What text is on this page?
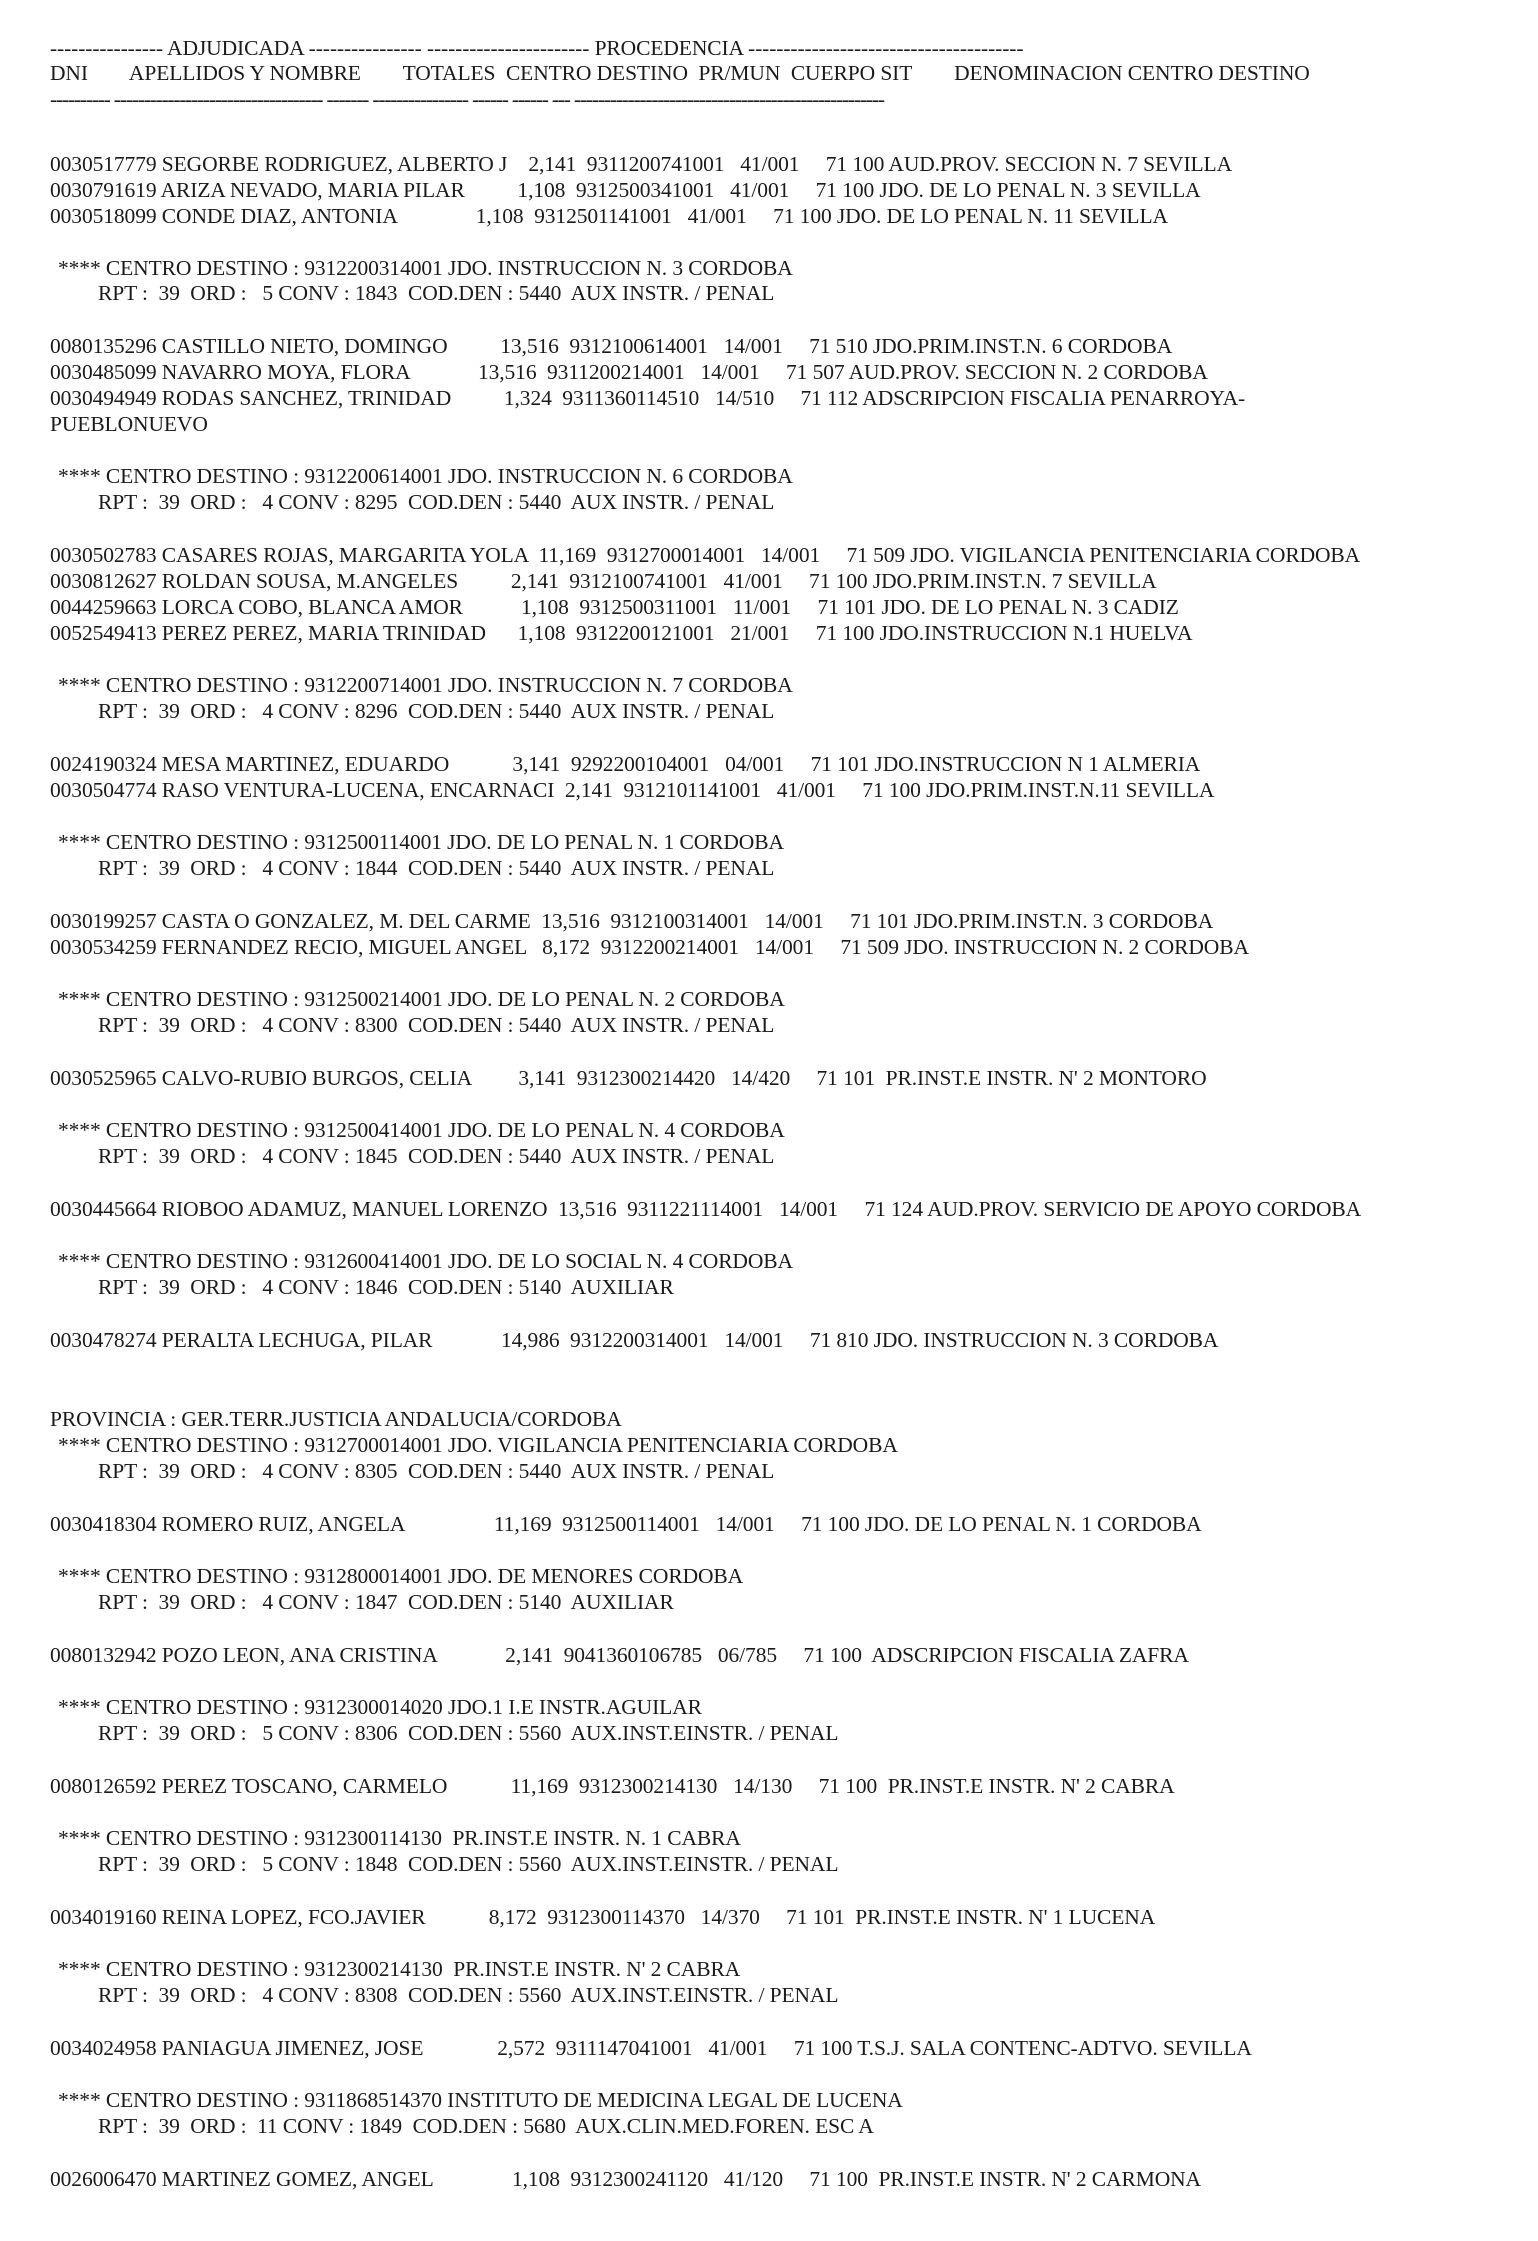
---------------- ADJUDICADA ---------------- ----------------------- PROCEDENCIA ---------------------------------------
DNI        APELLIDOS Y NOMBRE        TOTALES  CENTRO DESTINO  PR/MUN  CUERPO SIT        DENOMINACION CENTRO DESTINO
---------- ----------------------------------- ------- ---------------- ------ ------ --- ----------------------------------------------------
0030517779 SEGORBE RODRIGUEZ, ALBERTO J    2,141  9311200741001   41/001     71 100 AUD.PROV. SECCION N. 7 SEVILLA
0030791619 ARIZA NEVADO, MARIA PILAR          1,108  9312500341001   41/001     71 100 JDO. DE LO PENAL N. 3 SEVILLA
0030518099 CONDE DIAZ, ANTONIA               1,108  9312501141001   41/001     71 100 JDO. DE LO PENAL N. 11 SEVILLA
**** CENTRO DESTINO : 9312200314001 JDO. INSTRUCCION N. 3 CORDOBA
RPT :  39  ORD :   5 CONV : 1843  COD.DEN : 5440  AUX INSTR. / PENAL
0080135296 CASTILLO NIETO, DOMINGO          13,516  9312100614001   14/001     71 510 JDO.PRIM.INST.N. 6 CORDOBA
0030485099 NAVARRO MOYA, FLORA             13,516  9311200214001   14/001     71 507 AUD.PROV. SECCION N. 2 CORDOBA
0030494949 RODAS SANCHEZ, TRINIDAD          1,324  9311360114510   14/510     71 112 ADSCRIPCION FISCALIA PENARROYA-
PUEBLONUEVO
**** CENTRO DESTINO : 9312200614001 JDO. INSTRUCCION N. 6 CORDOBA
RPT :  39  ORD :   4 CONV : 8295  COD.DEN : 5440  AUX INSTR. / PENAL
0030502783 CASARES ROJAS, MARGARITA YOLA  11,169  9312700014001   14/001     71 509 JDO. VIGILANCIA PENITENCIARIA CORDOBA
0030812627 ROLDAN SOUSA, M.ANGELES          2,141  9312100741001   41/001     71 100 JDO.PRIM.INST.N. 7 SEVILLA
0044259663 LORCA COBO, BLANCA AMOR           1,108  9312500311001   11/001     71 101 JDO. DE LO PENAL N. 3 CADIZ
0052549413 PEREZ PEREZ, MARIA TRINIDAD      1,108  9312200121001   21/001     71 100 JDO.INSTRUCCION N.1 HUELVA
**** CENTRO DESTINO : 9312200714001 JDO. INSTRUCCION N. 7 CORDOBA
RPT :  39  ORD :   4 CONV : 8296  COD.DEN : 5440  AUX INSTR. / PENAL
0024190324 MESA MARTINEZ, EDUARDO            3,141  9292200104001   04/001     71 101 JDO.INSTRUCCION N 1 ALMERIA
0030504774 RASO VENTURA-LUCENA, ENCARNACI  2,141  9312101141001   41/001     71 100 JDO.PRIM.INST.N.11 SEVILLA
**** CENTRO DESTINO : 9312500114001 JDO. DE LO PENAL N. 1 CORDOBA
RPT :  39  ORD :   4 CONV : 1844  COD.DEN : 5440  AUX INSTR. / PENAL
0030199257 CASTA O GONZALEZ, M. DEL CARME  13,516  9312100314001   14/001     71 101 JDO.PRIM.INST.N. 3 CORDOBA
0030534259 FERNANDEZ RECIO, MIGUEL ANGEL   8,172  9312200214001   14/001     71 509 JDO. INSTRUCCION N. 2 CORDOBA
**** CENTRO DESTINO : 9312500214001 JDO. DE LO PENAL N. 2 CORDOBA
RPT :  39  ORD :   4 CONV : 8300  COD.DEN : 5440  AUX INSTR. / PENAL
0030525965 CALVO-RUBIO BURGOS, CELIA         3,141  9312300214420   14/420     71 101  PR.INST.E INSTR. N' 2 MONTORO
**** CENTRO DESTINO : 9312500414001 JDO. DE LO PENAL N. 4 CORDOBA
RPT :  39  ORD :   4 CONV : 1845  COD.DEN : 5440  AUX INSTR. / PENAL
0030445664 RIOBOO ADAMUZ, MANUEL LORENZO  13,516  9311221114001   14/001     71 124 AUD.PROV. SERVICIO DE APOYO CORDOBA
**** CENTRO DESTINO : 9312600414001 JDO. DE LO SOCIAL N. 4 CORDOBA
RPT :  39  ORD :   4 CONV : 1846  COD.DEN : 5140  AUXILIAR
0030478274 PERALTA LECHUGA, PILAR             14,986  9312200314001   14/001     71 810 JDO. INSTRUCCION N. 3 CORDOBA
PROVINCIA : GER.TERR.JUSTICIA ANDALUCIA/CORDOBA
**** CENTRO DESTINO : 9312700014001 JDO. VIGILANCIA PENITENCIARIA CORDOBA
RPT :  39  ORD :   4 CONV : 8305  COD.DEN : 5440  AUX INSTR. / PENAL
0030418304 ROMERO RUIZ, ANGELA                 11,169  9312500114001   14/001     71 100 JDO. DE LO PENAL N. 1 CORDOBA
**** CENTRO DESTINO : 9312800014001 JDO. DE MENORES CORDOBA
RPT :  39  ORD :   4 CONV : 1847  COD.DEN : 5140  AUXILIAR
0080132942 POZO LEON, ANA CRISTINA             2,141  9041360106785   06/785     71 100  ADSCRIPCION FISCALIA ZAFRA
**** CENTRO DESTINO : 9312300014020 JDO.1 I.E INSTR.AGUILAR
RPT :  39  ORD :   5 CONV : 8306  COD.DEN : 5560  AUX.INST.EINSTR. / PENAL
0080126592 PEREZ TOSCANO, CARMELO            11,169  9312300214130   14/130     71 100  PR.INST.E INSTR. N' 2 CABRA
**** CENTRO DESTINO : 9312300114130  PR.INST.E INSTR. N. 1 CABRA
RPT :  39  ORD :   5 CONV : 1848  COD.DEN : 5560  AUX.INST.EINSTR. / PENAL
0034019160 REINA LOPEZ, FCO.JAVIER            8,172  9312300114370   14/370     71 101  PR.INST.E INSTR. N' 1 LUCENA
**** CENTRO DESTINO : 9312300214130  PR.INST.E INSTR. N' 2 CABRA
RPT :  39  ORD :   4 CONV : 8308  COD.DEN : 5560  AUX.INST.EINSTR. / PENAL
0034024958 PANIAGUA JIMENEZ, JOSE              2,572  9311147041001   41/001     71 100 T.S.J. SALA CONTENC-ADTVO. SEVILLA
**** CENTRO DESTINO : 9311868514370 INSTITUTO DE MEDICINA LEGAL DE LUCENA
RPT :  39  ORD :  11 CONV : 1849  COD.DEN : 5680  AUX.CLIN.MED.FOREN. ESC A
0026006470 MARTINEZ GOMEZ, ANGEL               1,108  9312300241120   41/120     71 100  PR.INST.E INSTR. N' 2 CARMONA
